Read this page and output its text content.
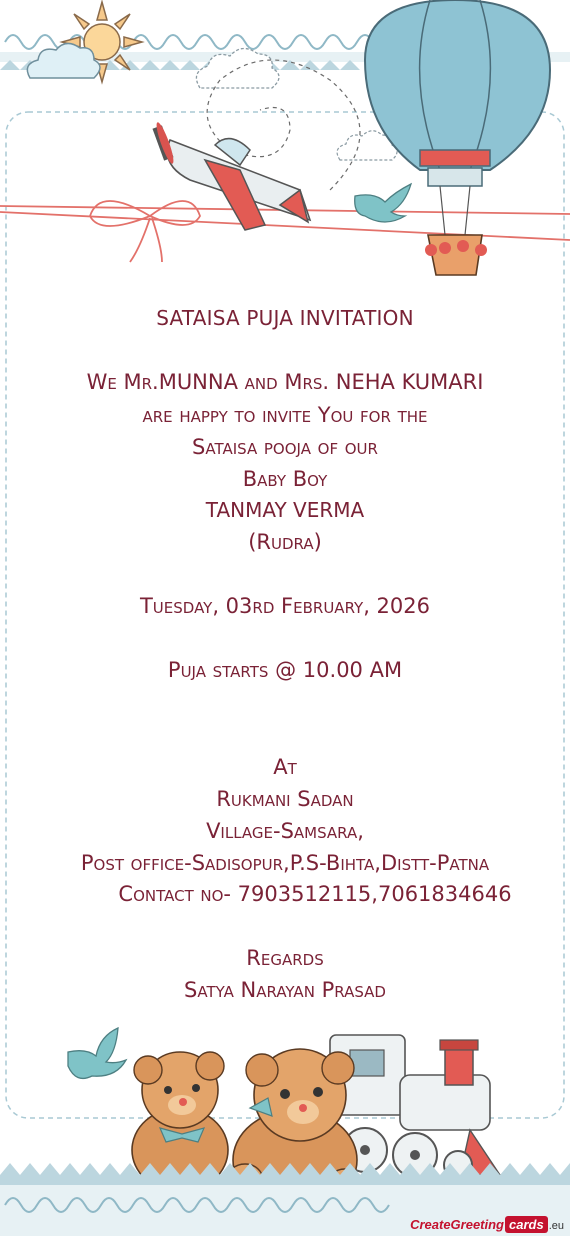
SATAISA PUJA INVITATION
We Mr.MUNNA and Mrs. NEHA KUMARI
are happy to invite You for the
Sataisa pooja of our
Baby Boy
TANMAY VERMA
(Rudra)
Tuesday, 03rd February, 2026
Puja starts @ 10.00 AM
At
Rukmani Sadan
Village-Samsara,
Post office-Sadisopur,P.S-Bihta,Distt-Patna
Contact no- 7903512115,7061834646
Regards
Satya Narayan Prasad
CreateGreeting cards .eu
